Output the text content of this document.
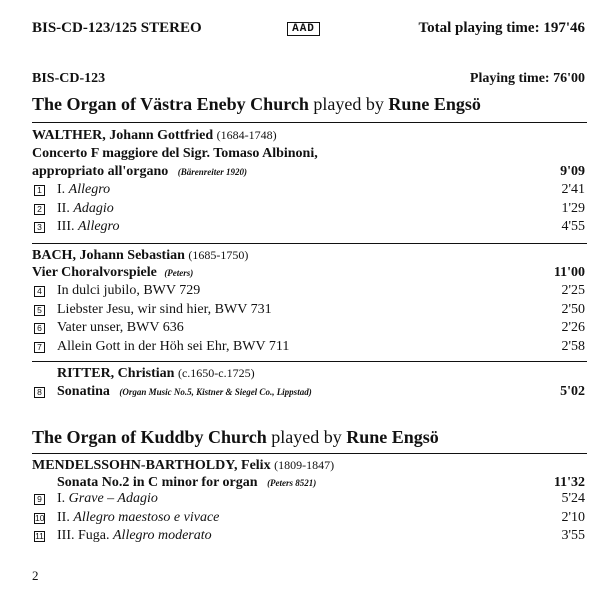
BIS-CD-123/125 STEREO	AAD	Total playing time: 197'46
BIS-CD-123	Playing time: 76'00
The Organ of Västra Eneby Church played by Rune Engsö
WALTHER, Johann Gottfried (1684-1748)
Concerto F maggiore del Sigr. Tomaso Albinoni,
appropriato all'organo (Bärenreiter 1920)	9'09
1 I. Allegro	2'41
2 II. Adagio	1'29
3 III. Allegro	4'55
BACH, Johann Sebastian (1685-1750)
Vier Choralvorspiele (Peters)	11'00
4 In dulci jubilo, BWV 729	2'25
5 Liebster Jesu, wir sind hier, BWV 731	2'50
6 Vater unser, BWV 636	2'26
7 Allein Gott in der Höh sei Ehr, BWV 711	2'58
RITTER, Christian (c.1650-c.1725)
8 Sonatina (Organ Music No.5, Kistner & Siegel Co., Lippstad)	5'02
The Organ of Kuddby Church played by Rune Engsö
MENDELSSOHN-BARTHOLDY, Felix (1809-1847)
Sonata No.2 in C minor for organ (Peters 8521)	11'32
9 I. Grave – Adagio	5'24
10 II. Allegro maestoso e vivace	2'10
11 III. Fuga. Allegro moderato	3'55
2
